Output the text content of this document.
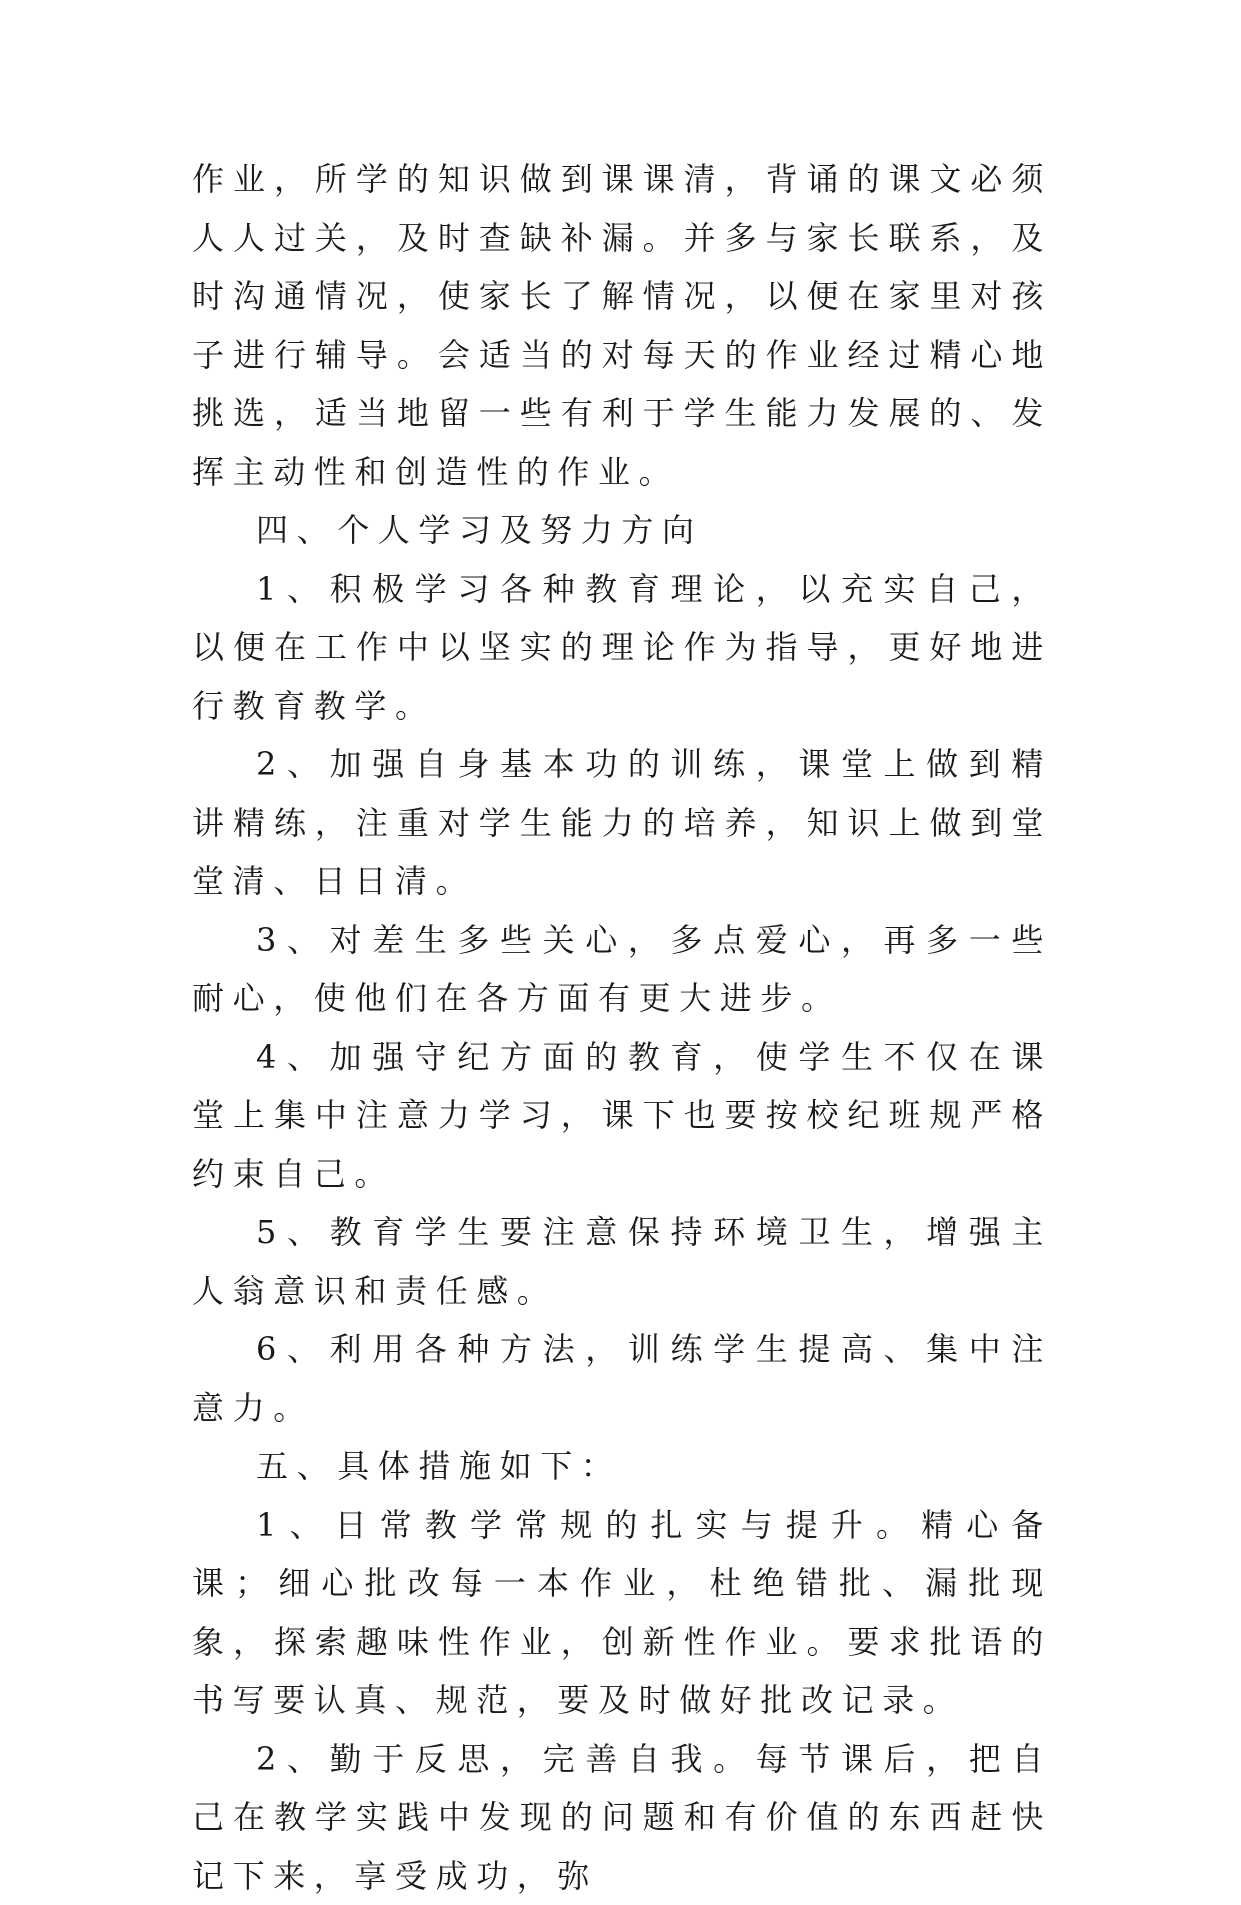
作业，所学的知识做到课课清，背诵的课文必须人人过关，及时查缺补漏。并多与家长联系，及时沟通情况，使家长了解情况，以便在家里对孩子进行辅导。会适当的对每天的作业经过精心地挑选，适当地留一些有利于学生能力发展的、发挥主动性和创造性的作业。

四、个人学习及努力方向

1、积极学习各种教育理论，以充实自己，以便在工作中以坚实的理论作为指导，更好地进行教育教学。

2、加强自身基本功的训练，课堂上做到精讲精练，注重对学生能力的培养，知识上做到堂堂清、日日清。

3、对差生多些关心，多点爱心，再多一些耐心，使他们在各方面有更大进步。

4、加强守纪方面的教育，使学生不仅在课堂上集中注意力学习，课下也要按校纪班规严格约束自己。

5、教育学生要注意保持环境卫生，增强主人翁意识和责任感。

6、利用各种方法，训练学生提高、集中注意力。

五、具体措施如下：

1、日常教学常规的扎实与提升。精心备课；细心批改每一本作业，杜绝错批、漏批现象，探索趣味性作业，创新性作业。要求批语的书写要认真、规范，要及时做好批改记录。

2、勤于反思，完善自我。每节课后，把自己在教学实践中发现的问题和有价值的东西赶快记下来，享受成功，弥
